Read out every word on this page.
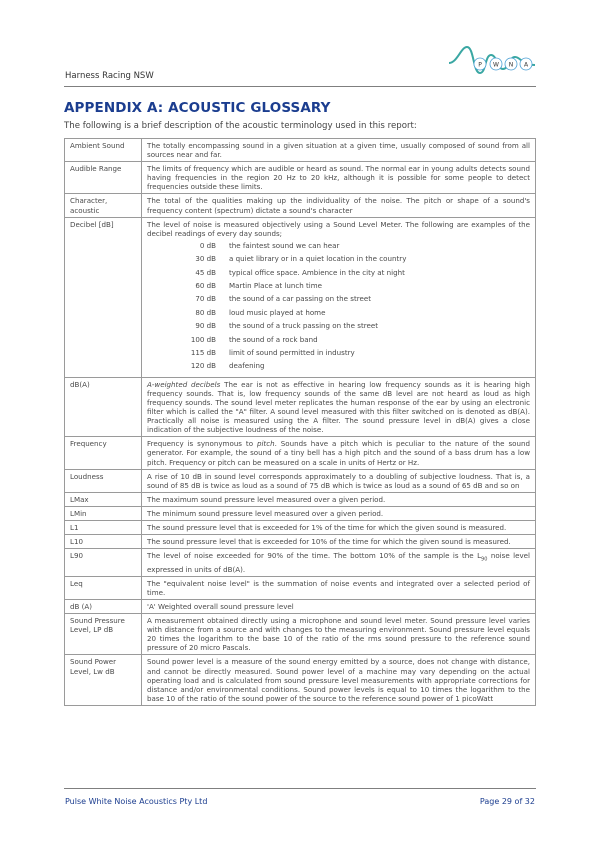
Harness Racing NSW
P W N A
APPENDIX A: ACOUSTIC GLOSSARY
The following is a brief description of the acoustic terminology used in this report:
Ambient Sound	The totally encompassing sound in a given situation at a given time, usually composed of sound from all sources near and far.
Audible Range	The limits of frequency which are audible or heard as sound. The normal ear in young adults detects sound having frequencies in the region 20 Hz to 20 kHz, although it is possible for some people to detect frequencies outside these limits.
Character, acoustic	The total of the qualities making up the individuality of the noise. The pitch or shape of a sound's frequency content (spectrum) dictate a sound's character
Decibel [dB]	The level of noise is measured objectively using a Sound Level Meter. The following are examples of the decibel readings of every day sounds;
0 dB	the faintest sound we can hear
30 dB	a quiet library or in a quiet location in the country
45 dB	typical office space. Ambience in the city at night
60 dB	Martin Place at lunch time
70 dB	the sound of a car passing on the street
80 dB	loud music played at home
90 dB	the sound of a truck passing on the street
100 dB	the sound of a rock band
115 dB	limit of sound permitted in industry
120 dB	deafening

dB(A)	A-weighted decibels The ear is not as effective in hearing low frequency sounds as it is hearing high frequency sounds. That is, low frequency sounds of the same dB level are not heard as loud as high frequency sounds. The sound level meter replicates the human response of the ear by using an electronic filter which is called the "A" filter. A sound level measured with this filter switched on is denoted as dB(A). Practically all noise is measured using the A filter. The sound pressure level in dB(A) gives a close indication of the subjective loudness of the noise.
Frequency	Frequency is synonymous to pitch. Sounds have a pitch which is peculiar to the nature of the sound generator. For example, the sound of a tiny bell has a high pitch and the sound of a bass drum has a low pitch. Frequency or pitch can be measured on a scale in units of Hertz or Hz.
Loudness	A rise of 10 dB in sound level corresponds approximately to a doubling of subjective loudness. That is, a sound of 85 dB is twice as loud as a sound of 75 dB which is twice as loud as a sound of 65 dB and so on
LMax	The maximum sound pressure level measured over a given period.
LMin	The minimum sound pressure level measured over a given period.
L1	The sound pressure level that is exceeded for 1% of the time for which the given sound is measured.
L10	The sound pressure level that is exceeded for 10% of the time for which the given sound is measured.
L90	The level of noise exceeded for 90% of the time. The bottom 10% of the sample is the $L_{90}$ noise level expressed in units of dB(A).
Leq	The "equivalent noise level" is the summation of noise events and integrated over a selected period of time.
dB (A)	'A' Weighted overall sound pressure level
Sound Pressure Level, LP dB	A measurement obtained directly using a microphone and sound level meter. Sound pressure level varies with distance from a source and with changes to the measuring environment. Sound pressure level equals 20 times the logarithm to the base 10 of the ratio of the rms sound pressure to the reference sound pressure of 20 micro Pascals.
Sound Power Level, Lw dB	Sound power level is a measure of the sound energy emitted by a source, does not change with distance, and cannot be directly measured. Sound power level of a machine may vary depending on the actual operating load and is calculated from sound pressure level measurements with appropriate corrections for distance and/or environmental conditions. Sound power levels is equal to 10 times the logarithm to the base 10 of the ratio of the sound power of the source to the reference sound power of 1 picoWatt
Pulse White Noise Acoustics Pty Ltd	Page 29 of 32
